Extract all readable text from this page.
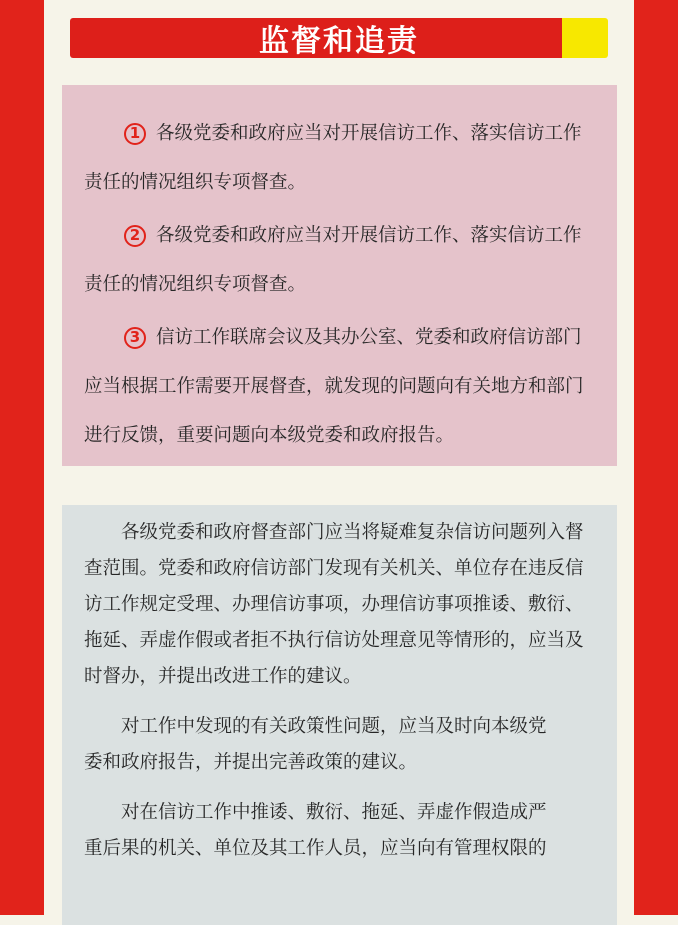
监督和追责
1 各级党委和政府应当对开展信访工作、落实信访工作
责任的情况组织专项督查。
2 各级党委和政府应当对开展信访工作、落实信访工作
责任的情况组织专项督查。
3 信访工作联席会议及其办公室、党委和政府信访部门
应当根据工作需要开展督查，就发现的问题向有关地方和部门
进行反馈，重要问题向本级党委和政府报告。
各级党委和政府督查部门应当将疑难复杂信访问题列入督
查范围。党委和政府信访部门发现有关机关、单位存在违反信
访工作规定受理、办理信访事项，办理信访事项推诿、敷衍、
拖延、弄虚作假或者拒不执行信访处理意见等情形的，应当及
时督办，并提出改进工作的建议。
对工作中发现的有关政策性问题，应当及时向本级党
委和政府报告，并提出完善政策的建议。
对在信访工作中推诿、敷衍、拖延、弄虚作假造成严
重后果的机关、单位及其工作人员，应当向有管理权限的
